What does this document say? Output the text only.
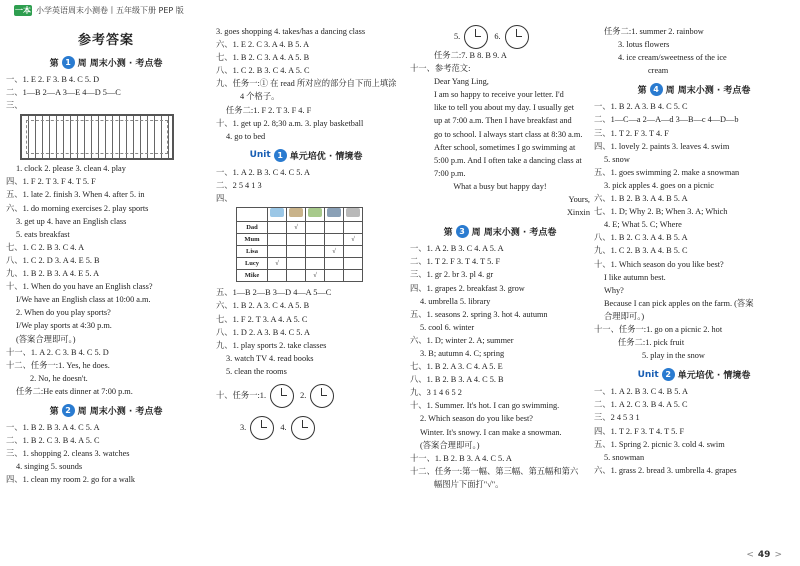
一本 小学英语周末小测卷丨五年级下册 PEP 版
参考答案
第 1 周 周末小测 · 考点卷
一、1. E 2. F 3. B 4. C 5. D
二、1—B 2—A 3—E 4—D 5—C
三、
1. clock 2. please 3. clean 4. play
四、1. F 2. T 3. F 4. T 5. F
五、1. late 2. finish 3. When 4. after 5. in
六、1. do morning exercises 2. play sports
3. get up 4. have an English class
5. eats breakfast
七、1. C 2. B 3. C 4. A
八、1. C 2. D 3. A 4. E 5. B
九、1. B 2. B 3. A 4. E 5. A
十、1. When do you have an English class?
I/We have an English class at 10:00 a.m.
2. When do you play sports?
I/We play sports at 4:30 p.m.
(答案合理即可。)
十一、1. A 2. C 3. B 4. C 5. D
十二、任务一:1. Yes, he does.
2. No, he doesn't.
任务二:He eats dinner at 7:00 p.m.
第 2 周 周末小测 · 考点卷
一、1. B 2. B 3. A 4. C 5. A
二、1. B 2. C 3. B 4. A 5. C
三、1. shopping 2. cleans 3. watches
4. singing 5. sounds
四、1. clean my room 2. go for a walk
3. goes shopping 4. takes/has a dancing class
六、1. E 2. C 3. A 4. B 5. A
七、1. B 2. C 3. A 4. A 5. B
八、1. C 2. B 3. C 4. A 5. C
九、任务一:① 在 read 所对应的部分自下而上填涂
4 个格子。
任务二:1. F 2. T 3. F 4. F
十、1. get up 2. 8;30 a.m. 3. play basketball
4. go to bed
Unit 1 单元培优 · 情境卷
一、1. A 2. B 3. C 4. C 5. A
二、2 5 4 1 3
四、

Dad		√			
Mum					√
Lisa				√	
Lucy	√				
Mike			√		
五、1—B 2—B 3—D 4—A 5—C
六、1. B 2. A 3. C 4. A 5. B
七、1. F 2. T 3. A 4. A 5. C
八、1. D 2. A 3. B 4. C 5. A
九、1. play sports 2. take classes
3. watch TV 4. read books
5. clean the rooms
十、任务一:1.	2.
3.	4.
5.	6.
任务二:7. B 8. B 9. A
十一、参考范文:
Dear Yang Ling,
I am so happy to receive your letter. I'd
like to tell you about my day. I usually get
up at 7:00 a.m. Then I have breakfast and
go to school. I always start class at 8:30 a.m.
After school, sometimes I go swimming at
5:00 p.m. And I often take a dancing class at
7:00 p.m.
What a busy but happy day!
Yours,
Xinxin
第 3 周 周末小测 · 考点卷
一、1. A 2. B 3. C 4. A 5. A
二、1. T 2. F 3. T 4. T 5. F
三、1. gr 2. br 3. pl 4. gr
四、1. grapes 2. breakfast 3. grow
4. umbrella 5. library
五、1. seasons 2. spring 3. hot 4. autumn
5. cool 6. winter
六、1. D; winter 2. A; summer
3. B; autumn 4. C; spring
七、1. B 2. A 3. C 4. A 5. E
八、1. B 2. B 3. A 4. C 5. B
九、3 1 4 6 5 2
十、1. Summer. It's hot. I can go swimming.
2. Which season do you like best?
Winter. It's snowy. I can make a snowman.
(答案合理即可。)
十一、1. B 2. B 3. A 4. C 5. A
十二、任务一:第一幅、第三幅、第五幅和第六
幅图片下面打"√"。
任务二:1. summer 2. rainbow
3. lotus flowers
4. ice cream/sweetness of the ice
cream
第 4 周 周末小测 · 考点卷
一、1. B 2. A 3. B 4. C 5. C
二、1—C—a 2—A—d 3—B—c 4—D—b
三、1. T 2. F 3. T 4. F
四、1. lovely 2. paints 3. leaves 4. swim
5. snow
五、1. goes swimming 2. make a snowman
3. pick apples 4. goes on a picnic
六、1. B 2. B 3. A 4. B 5. A
七、1. D; Why 2. B; When 3. A; Which
4. E; What 5. C; Where
八、1. B 2. C 3. A 4. B 5. A
九、1. C 2. B 3. A 4. B 5. C
十、1. Which season do you like best?
I like autumn best.
Why?
Because I can pick apples on the farm. (答案
合理即可。)
十一、任务一:1. go on a picnic 2. hot
任务二:1. pick fruit
5. play in the snow
Unit 2 单元培优 · 情境卷
一、1. A 2. B 3. C 4. B 5. A
二、1. A 2. C 3. B 4. A 5. C
三、2 4 5 3 1
四、1. T 2. F 3. T 4. T 5. F
五、1. Spring 2. picnic 3. cold 4. swim
5. snowman
六、1. grass 2. bread 3. umbrella 4. grapes
< 49 >
